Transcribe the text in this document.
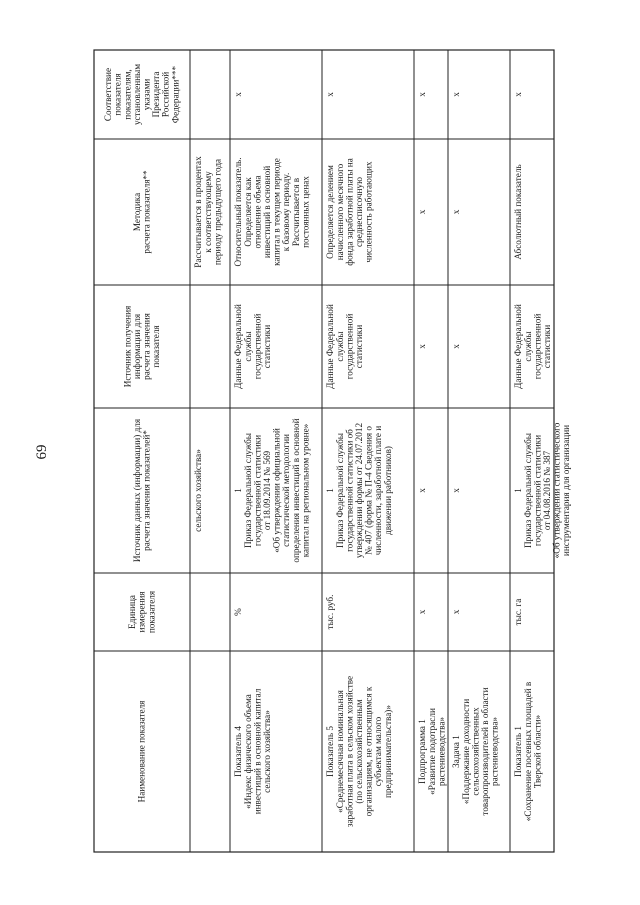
Наименование показателя
Единица измерения показателя
Источник данных (информации) для расчета значения показателей*
Источник получения информации для расчета значения показателя
Методика расчета показателя**
Соответствие показателя показателям, установленным указами Президента Российской Федерации***
сельского хозяйства»
Рассчитывается в процентах к соответствующему периоду предыдущего года
Показатель 4 «Индекс физического объема инвестиций в основной капитал сельского хозяйства»
%
1 Приказ Федеральной службы государственной статистики от 18.09.2014 № 569 «Об утверждении официальной статистической методологии определения инвестиций в основной капитал на региональном уровне»
Данные Федеральной службы государственной статистики
Относительный показатель. Определяется как отношение объема инвестиций в основной капитал в текущем периоде к базовому периоду. Рассчитывается в постоянных ценах
х
Показатель 5 «Среднемесячная номинальная заработная плата в сельском хозяйстве (по сельскохозяйственным организациям, не относящимся к субъектам малого предпринимательства)»
тыс. руб.
1 Приказ Федеральной службы государственной статистики об утверждении формы от 24.07.2012 № 407 (форма № П-4 Сведения о численности, заработной плате и движении работников)
Данные Федеральной службы государственной статистики
Определяется делением начисленного месячного фонда заработной платы на среднесписочную численность работающих
х
Подпрограмма 1 «Развитие подотрасли растениеводства»
х
х
х
х
х
Задача 1 «Поддержание доходности сельскохозяйственных товаропроизводителей в области растениеводства»
х
х
х
х
х
Показатель 1 «Сохранение посевных площадей в Тверской области»
тыс. га
1 Приказ Федеральной службы государственной статистики от 04.08.2016 № 387 «Об утверждении статистического инструментария для организации
Данные Федеральной службы государственной статистики
Абсолютный показатель
х
69
